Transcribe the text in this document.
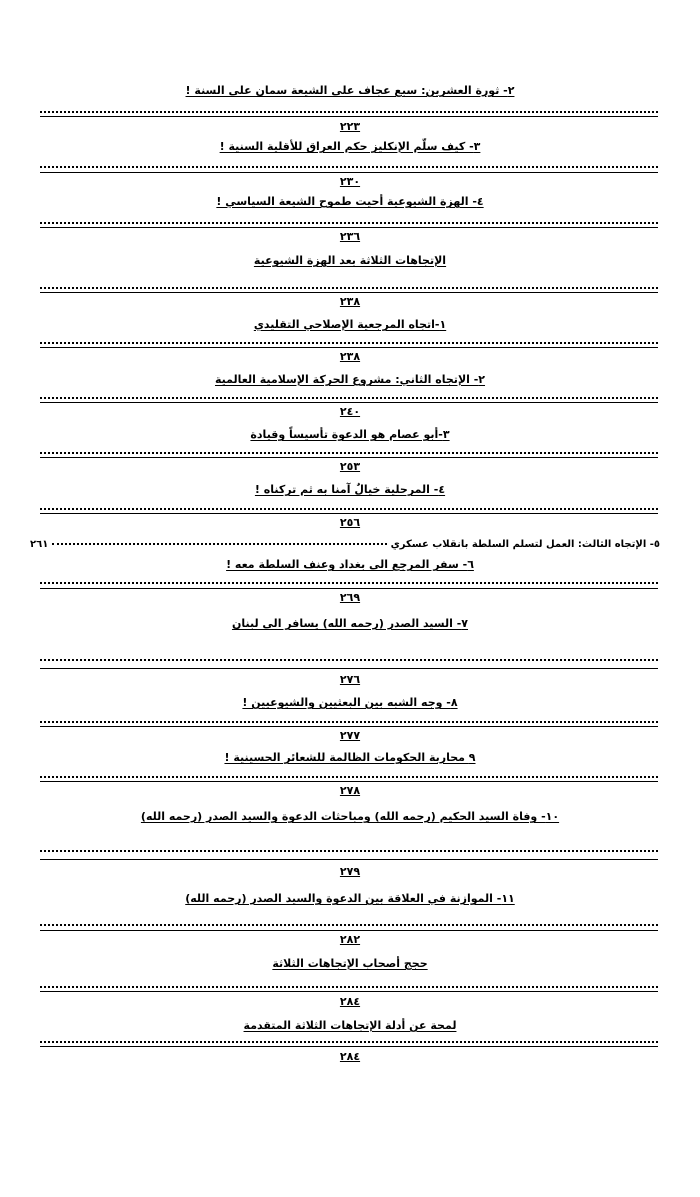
٢- ثورة العشرين: سبع عجاف على الشيعة سمان على السنة !
٢٢٣
٣- كيف سلّم الإنكليز حكم العراق للأقلية السنية !
٢٣٠
٤- الهزة الشيوعية أحيت طموح الشيعة السياسي !
٢٣٦
الإتجاهات الثلاثة بعد الهزة الشيوعية
٢٣٨
١-اتجاه المرجعية الإصلاحي التقليدي
٢٣٨
٢- الإتجاه الثاني: مشروع الحركة الإسلامية العالمية
٢٤٠
٣-أبو عصام هو الدعوة تأسيساً وقيادة
٢٥٣
٤- المرحلية خيالٌ آمنا به ثم تركناه !
٢٥٦
٥- الإتجاه الثالث: العمل لتسلم السلطة بانقلاب عسكري
٢٦١
٦- سفر المرجع الى بغداد وعنف السلطة معه !
٢٦٩
٧- السيد الصدر (رحمه الله) يسافر الى لبنان
٢٧٦
٨- وجه الشبه بين البعثيين والشيوعيين !
٢٧٧
٩ محاربة الحكومات الظالمة للشعائر الحسينية !
٢٧٨
١٠- وفاة السيد الحكيم (رحمه الله) ومباحثات الدعوة والسيد الصدر (رحمه الله)
٢٧٩
١١- الموازنة في العلاقة بين الدعوة والسيد الصدر (رحمه الله)
٢٨٢
حجج أصحاب الإتجاهات الثلاثة
٢٨٤
لمحة عن أدلة الإتجاهات الثلاثة المتقدمة
٢٨٤
